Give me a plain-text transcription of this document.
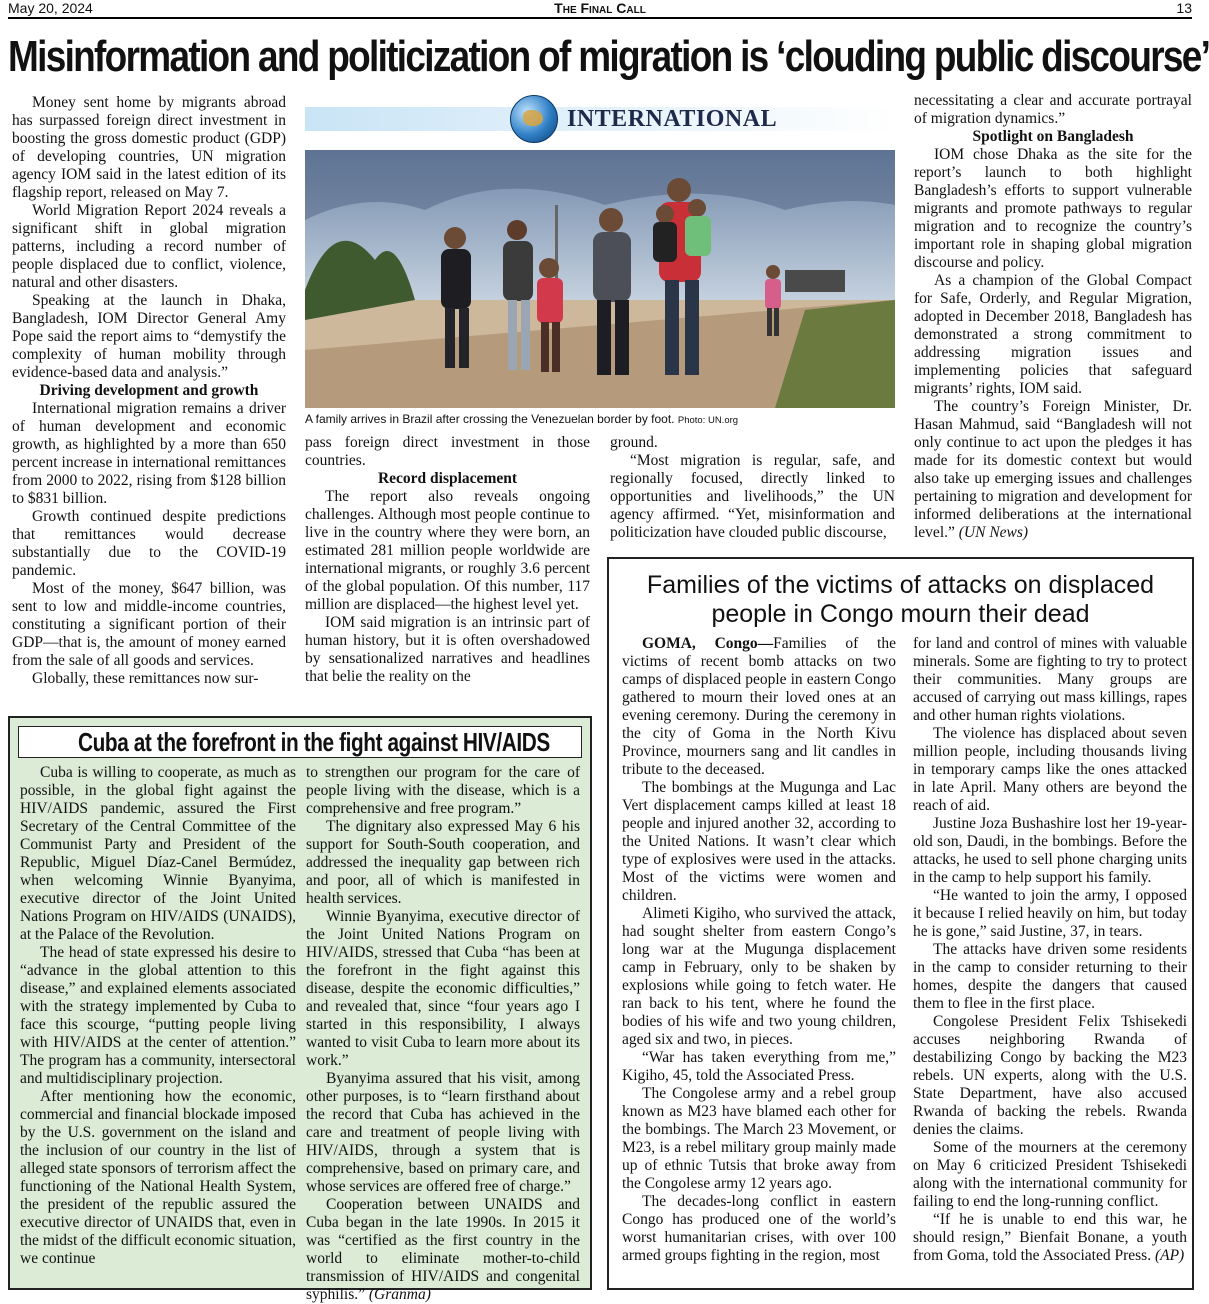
May 20, 2024	The Final Call	13
Misinformation and politicization of migration is ‘clouding public discourse’

Money sent home by migrants abroad has surpassed foreign direct investment in boosting the gross domestic product (GDP) of developing countries, UN migration agency IOM said in the latest edition of its flagship report, released on May 7.

World Migration Report 2024 reveals a significant shift in global migration patterns, including a record number of people displaced due to conflict, violence, natural and other disasters.

Speaking at the launch in Dhaka, Bangladesh, IOM Director General Amy Pope said the report aims to “demystify the complexity of human mobility through evidence-based data and analysis.”

Driving development and growth

International migration remains a driver of human development and economic growth, as highlighted by a more than 650 percent increase in international remittances from 2000 to 2022, rising from $128 billion to $831 billion.

Growth continued despite predictions that remittances would decrease substantially due to the COVID-19 pandemic.

Most of the money, $647 billion, was sent to low and middle-income countries, constituting a significant portion of their GDP—that is, the amount of money earned from the sale of all goods and services.

Globally, these remittances now sur-

INTERNATIONAL
A family arrives in Brazil after crossing the Venezuelan border by foot. Photo: UN.org

pass foreign direct investment in those countries.

Record displacement

The report also reveals ongoing challenges. Although most people continue to live in the country where they were born, an estimated 281 million people worldwide are international migrants, or roughly 3.6 percent of the global population. Of this number, 117 million are displaced—the highest level yet.

IOM said migration is an intrinsic part of human history, but it is often overshadowed by sensationalized narratives and headlines that belie the reality on the

ground.

“Most migration is regular, safe, and regionally focused, directly linked to opportunities and livelihoods,” the UN agency affirmed. “Yet, misinformation and politicization have clouded public discourse,

necessitating a clear and accurate portrayal of migration dynamics.”

Spotlight on Bangladesh

IOM chose Dhaka as the site for the report’s launch to both highlight Bangladesh’s efforts to support vulnerable migrants and promote pathways to regular migration and to recognize the country’s important role in shaping global migration discourse and policy.

As a champion of the Global Compact for Safe, Orderly, and Regular Migration, adopted in December 2018, Bangladesh has demonstrated a strong commitment to addressing migration issues and implementing policies that safeguard migrants’ rights, IOM said.

The country’s Foreign Minister, Dr. Hasan Mahmud, said “Bangladesh will not only continue to act upon the pledges it has made for its domestic context but would also take up emerging issues and challenges pertaining to migration and development for informed deliberations at the international level.” (UN News)

Cuba at the forefront in the fight against HIV/AIDS

Cuba is willing to cooperate, as much as possible, in the global fight against the HIV/AIDS pandemic, assured the First Secretary of the Central Committee of the Communist Party and President of the Republic, Miguel Díaz-Canel Bermúdez, when welcoming Winnie Byanyima, executive director of the Joint United Nations Program on HIV/AIDS (UNAIDS), at the Palace of the Revolution.

The head of state expressed his desire to “advance in the global attention to this disease,” and explained elements associated with the strategy implemented by Cuba to face this scourge, “putting people living with HIV/AIDS at the center of attention.” The program has a community, intersectoral and multidisciplinary projection.

After mentioning how the economic, commercial and financial blockade imposed by the U.S. government on the island and the inclusion of our country in the list of alleged state sponsors of terrorism affect the functioning of the National Health System, the president of the republic assured the executive director of UNAIDS that, even in the midst of the difficult economic situation, we continue

to strengthen our program for the care of people living with the disease, which is a comprehensive and free program.”

The dignitary also expressed May 6 his support for South-South cooperation, and addressed the inequality gap between rich and poor, all of which is manifested in health services.

Winnie Byanyima, executive director of the Joint United Nations Program on HIV/AIDS, stressed that Cuba “has been at the forefront in the fight against this disease, despite the economic difficulties,” and revealed that, since “four years ago I started in this responsibility, I always wanted to visit Cuba to learn more about its work.”

Byanyima assured that his visit, among other purposes, is to “learn firsthand about the record that Cuba has achieved in the care and treatment of people living with HIV/AIDS, through a system that is comprehensive, based on primary care, and whose services are offered free of charge.”

Cooperation between UNAIDS and Cuba began in the late 1990s. In 2015 it was “certified as the first country in the world to eliminate mother-to-child transmission of HIV/AIDS and congenital syphilis.” (Granma)

Families of the victims of attacks on displaced people in Congo mourn their dead

GOMA, Congo—Families of the victims of recent bomb attacks on two camps of displaced people in eastern Congo gathered to mourn their loved ones at an evening ceremony. During the ceremony in the city of Goma in the North Kivu Province, mourners sang and lit candles in tribute to the deceased.

The bombings at the Mugunga and Lac Vert displacement camps killed at least 18 people and injured another 32, according to the United Nations. It wasn’t clear which type of explosives were used in the attacks. Most of the victims were women and children.

Alimeti Kigiho, who survived the attack, had sought shelter from eastern Congo’s long war at the Mugunga displacement camp in February, only to be shaken by explosions while going to fetch water. He ran back to his tent, where he found the bodies of his wife and two young children, aged six and two, in pieces.

“War has taken everything from me,” Kigiho, 45, told the Associated Press.

The Congolese army and a rebel group known as M23 have blamed each other for the bombings. The March 23 Movement, or M23, is a rebel military group mainly made up of ethnic Tutsis that broke away from the Congolese army 12 years ago.

The decades-long conflict in eastern Congo has produced one of the world’s worst humanitarian crises, with over 100 armed groups fighting in the region, most

for land and control of mines with valuable minerals. Some are fighting to try to protect their communities. Many groups are accused of carrying out mass killings, rapes and other human rights violations.

The violence has displaced about seven million people, including thousands living in temporary camps like the ones attacked in late April. Many others are beyond the reach of aid.

Justine Joza Bushashire lost her 19-year-old son, Daudi, in the bombings. Before the attacks, he used to sell phone charging units in the camp to help support his family.

“He wanted to join the army, I opposed it because I relied heavily on him, but today he is gone,” said Justine, 37, in tears.

The attacks have driven some residents in the camp to consider returning to their homes, despite the dangers that caused them to flee in the first place.

Congolese President Felix Tshisekedi accuses neighboring Rwanda of destabilizing Congo by backing the M23 rebels. UN experts, along with the U.S. State Department, have also accused Rwanda of backing the rebels. Rwanda denies the claims.

Some of the mourners at the ceremony on May 6 criticized President Tshisekedi along with the international community for failing to end the long-running conflict.

“If he is unable to end this war, he should resign,” Bienfait Bonane, a youth from Goma, told the Associated Press. (AP)
